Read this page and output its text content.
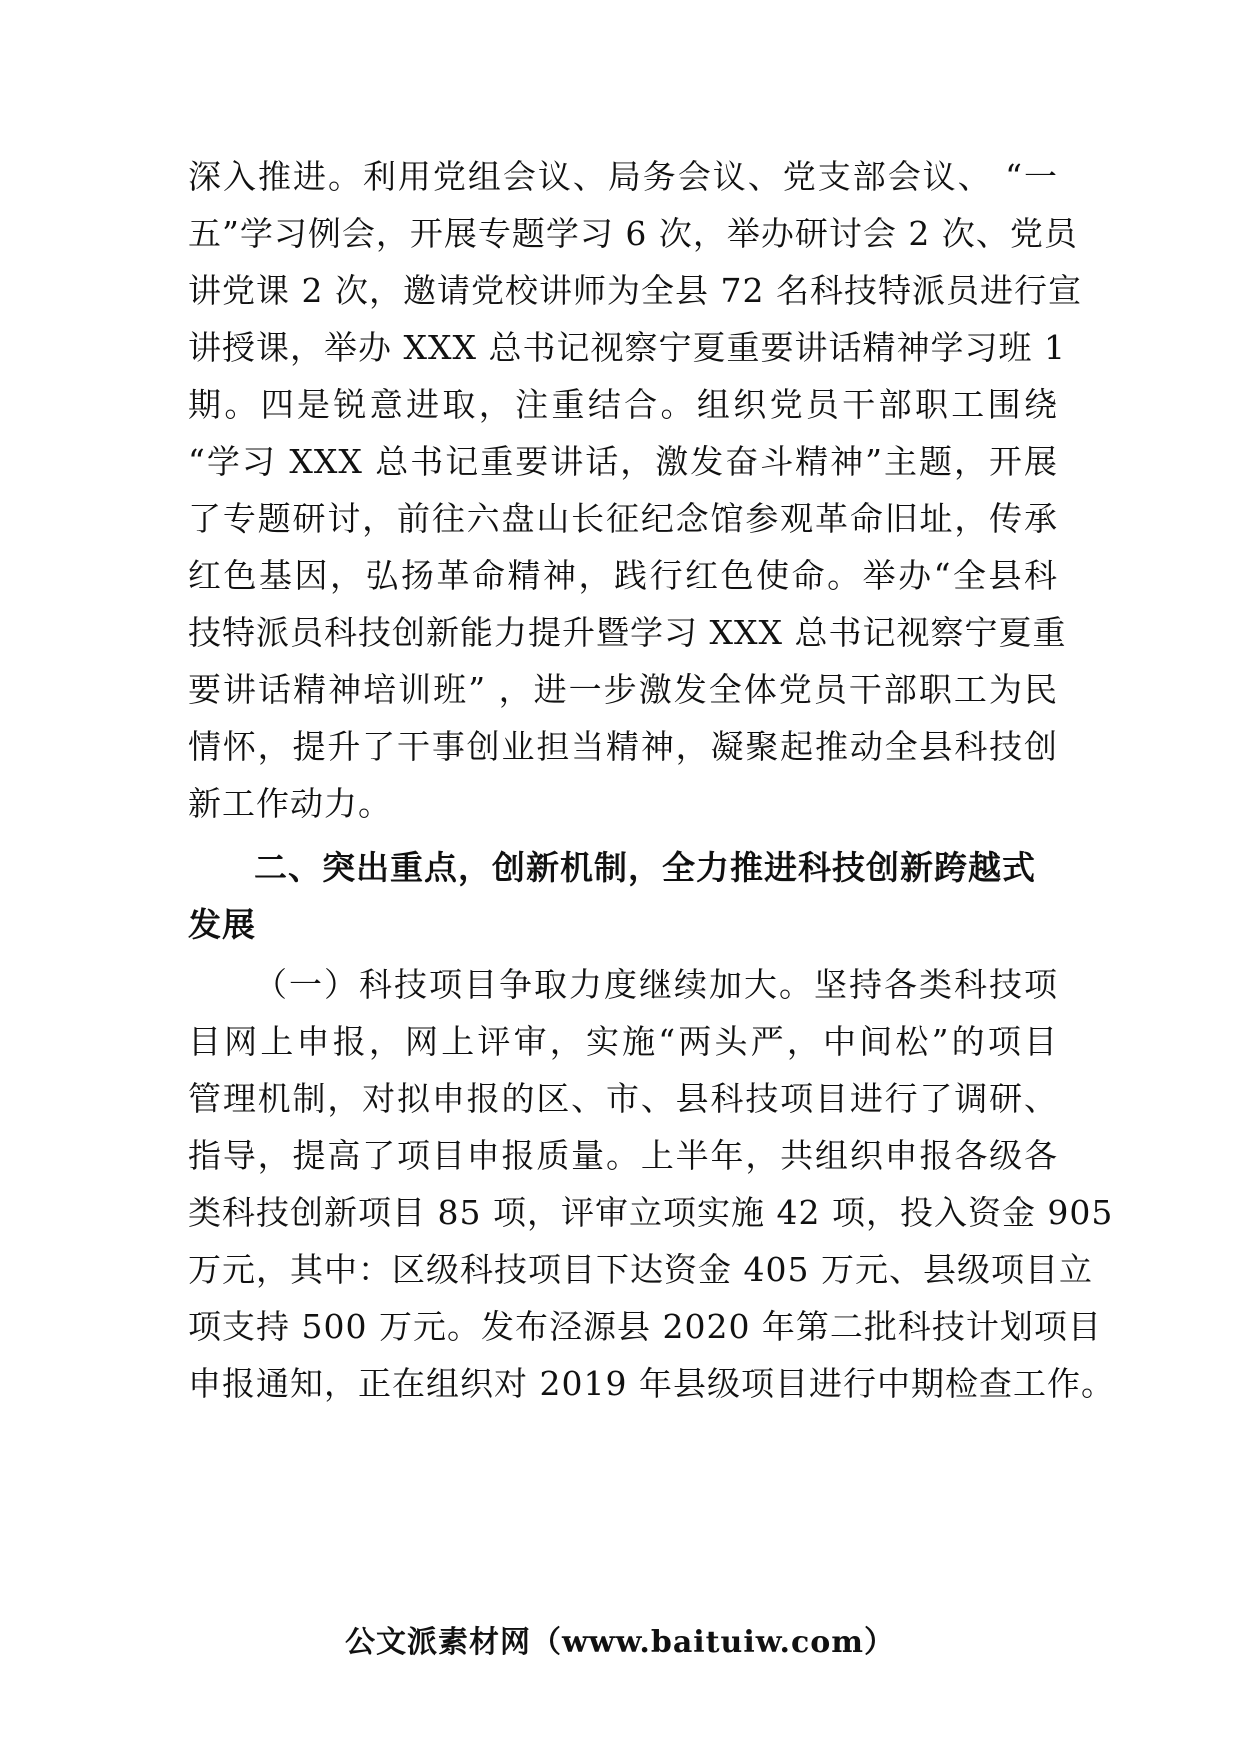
深入推进。利用党组会议、局务会议、党支部会议、 “一
五”学习例会，开展专题学习 6 次，举办研讨会 2 次、党员
讲党课 2 次，邀请党校讲师为全县 72 名科技特派员进行宣
讲授课，举办 XXX 总书记视察宁夏重要讲话精神学习班 1
期。四是锐意进取，注重结合。组织党员干部职工围绕
“学习 XXX 总书记重要讲话，激发奋斗精神”主题，开展
了专题研讨，前往六盘山长征纪念馆参观革命旧址，传承
红色基因，弘扬革命精神，践行红色使命。举办“全县科
技特派员科技创新能力提升暨学习 XXX 总书记视察宁夏重
要讲话精神培训班” ，进一步激发全体党员干部职工为民
情怀，提升了干事创业担当精神，凝聚起推动全县科技创
新工作动力。
二、突出重点，创新机制，全力推进科技创新跨越式
发展
（一）科技项目争取力度继续加大。坚持各类科技项
目网上申报，网上评审，实施“两头严，中间松”的项目
管理机制，对拟申报的区、市、县科技项目进行了调研、
指导，提高了项目申报质量。上半年，共组织申报各级各
类科技创新项目 85 项，评审立项实施 42 项，投入资金 905
万元，其中：区级科技项目下达资金 405 万元、县级项目立
项支持 500 万元。发布泾源县 2020 年第二批科技计划项目
申报通知，正在组织对 2019 年县级项目进行中期检查工作。
公文派素材网（www.baituiw.com）
